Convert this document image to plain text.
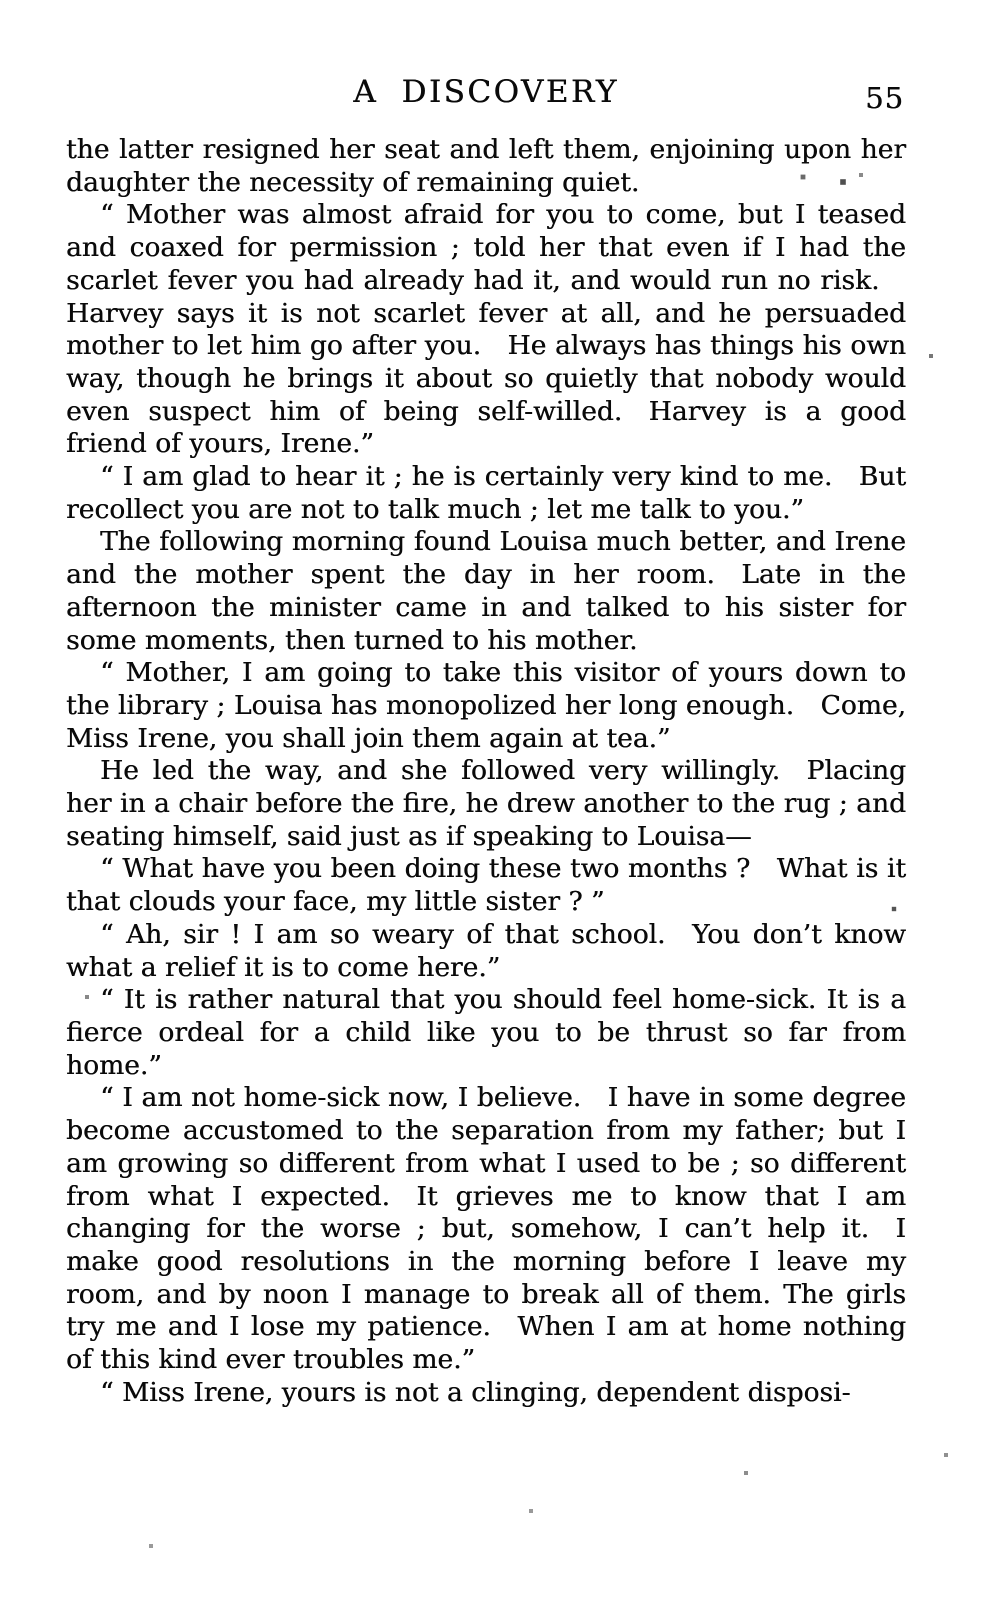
A DISCOVERY	55

the latter resigned her seat and left them, enjoining upon her daughter the necessity of remaining quiet.

“ Mother was almost afraid for you to come, but I teased and coaxed for permission ; told her that even if I had the scarlet fever you had already had it, and would run no risk. Harvey says it is not scarlet fever at all, and he persuaded mother to let him go after you. He always has things his own way, though he brings it about so quietly that nobody would even suspect him of being self-willed. Harvey is a good friend of yours, Irene.”

“ I am glad to hear it ; he is certainly very kind to me. But recollect you are not to talk much ; let me talk to you.”

The following morning found Louisa much better, and Irene and the mother spent the day in her room. Late in the afternoon the minister came in and talked to his sister for some moments, then turned to his mother.

“ Mother, I am going to take this visitor of yours down to the library ; Louisa has monopolized her long enough. Come, Miss Irene, you shall join them again at tea.”

He led the way, and she followed very willingly. Placing her in a chair before the fire, he drew another to the rug ; and seating himself, said just as if speaking to Louisa—

“ What have you been doing these two months ? What is it that clouds your face, my little sister ? ”

“ Ah, sir ! I am so weary of that school. You don’t know what a relief it is to come here.”

“ It is rather natural that you should feel home-sick. It is a fierce ordeal for a child like you to be thrust so far from home.”

“ I am not home-sick now, I believe. I have in some degree become accustomed to the separation from my father; but I am growing so different from what I used to be ; so different from what I expected. It grieves me to know that I am changing for the worse ; but, somehow, I can’t help it. I make good resolutions in the morning before I leave my room, and by noon I manage to break all of them. The girls try me and I lose my patience. When I am at home nothing of this kind ever troubles me.”

“ Miss Irene, yours is not a clinging, dependent disposi-
